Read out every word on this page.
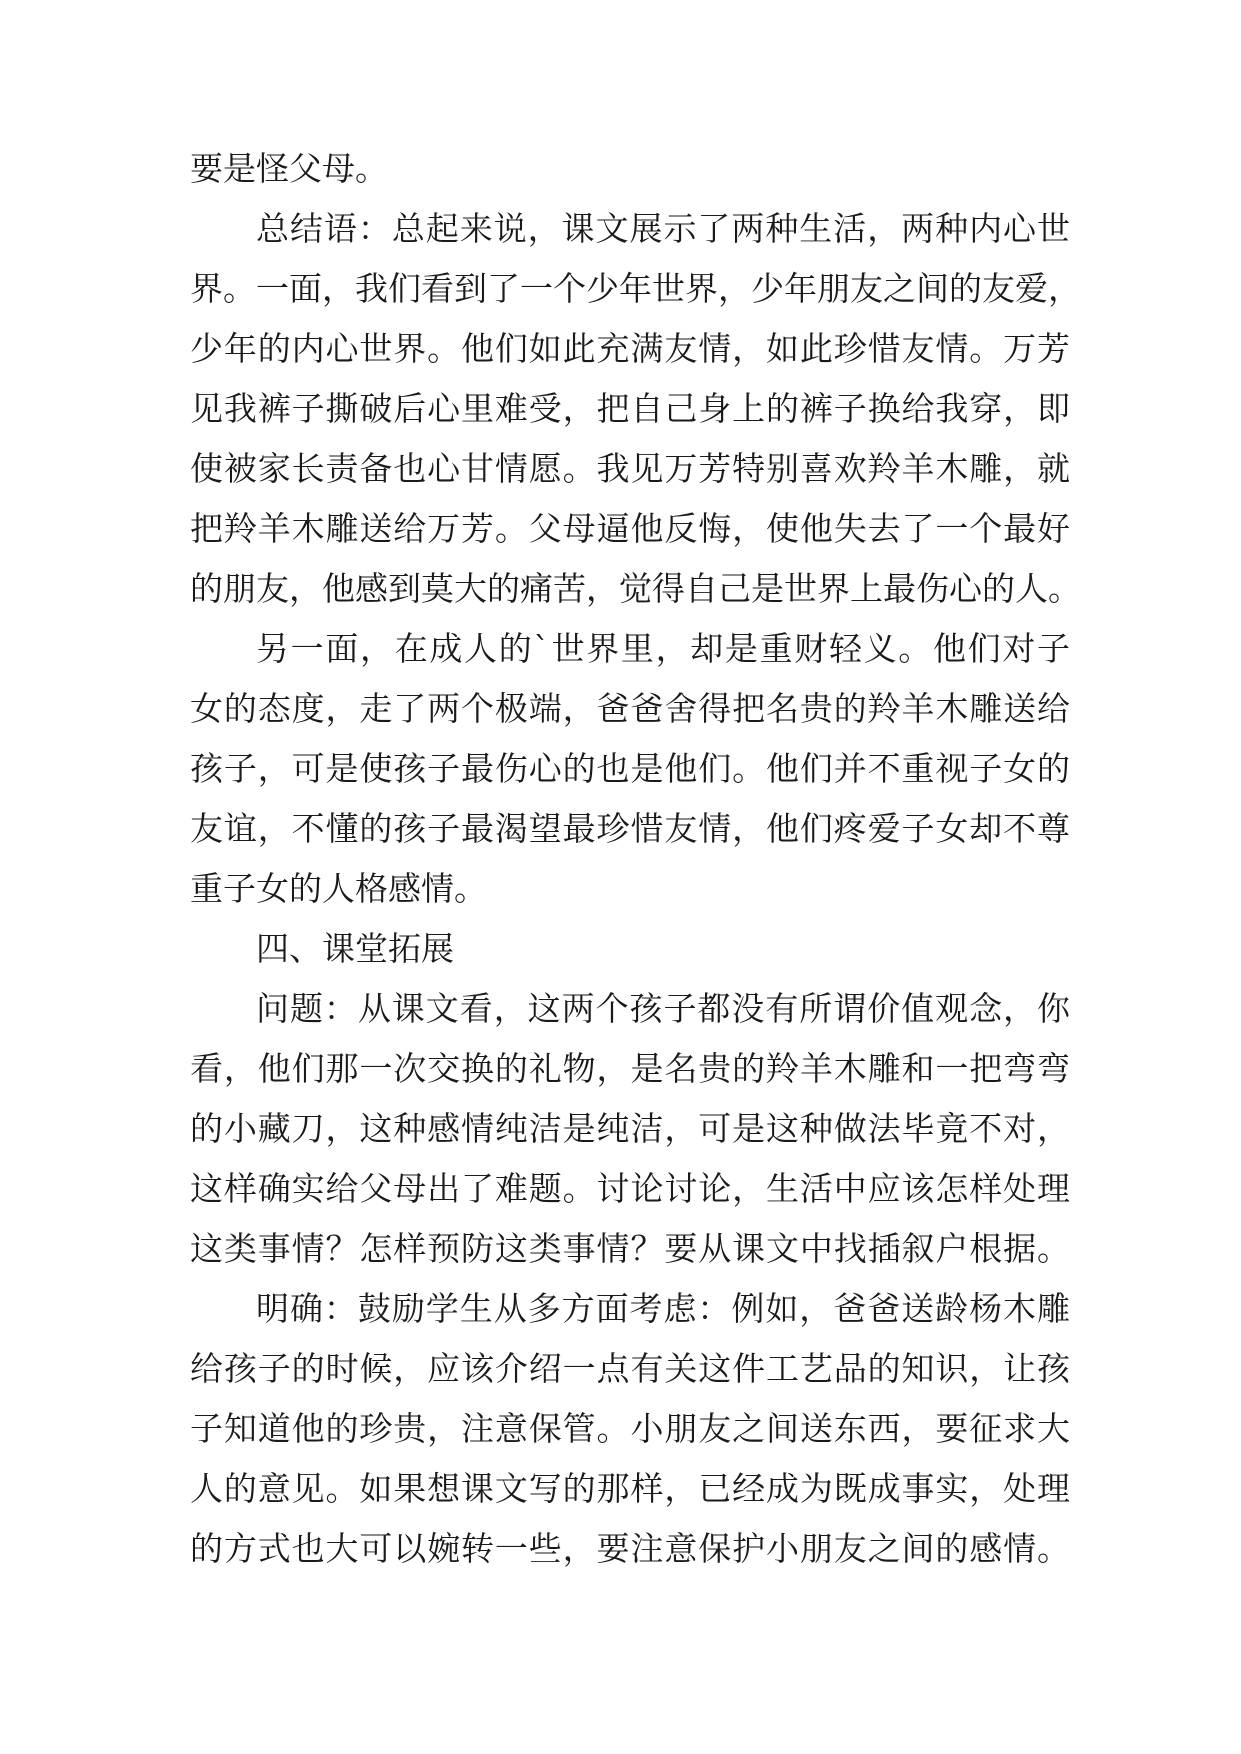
要是怪父母。
总结语：总起来说，课文展示了两种生活，两种内心世
界。一面，我们看到了一个少年世界，少年朋友之间的友爱，
少年的内心世界。他们如此充满友情，如此珍惜友情。万芳
见我裤子撕破后心里难受，把自己身上的裤子换给我穿，即
使被家长责备也心甘情愿。我见万芳特别喜欢羚羊木雕，就
把羚羊木雕送给万芳。父母逼他反悔，使他失去了一个最好
的朋友，他感到莫大的痛苦，觉得自己是世界上最伤心的人。
另一面，在成人的`世界里，却是重财轻义。他们对子
女的态度，走了两个极端，爸爸舍得把名贵的羚羊木雕送给
孩子，可是使孩子最伤心的也是他们。他们并不重视子女的
友谊，不懂的孩子最渴望最珍惜友情，他们疼爱子女却不尊
重子女的人格感情。
四、课堂拓展
问题：从课文看，这两个孩子都没有所谓价值观念，你
看，他们那一次交换的礼物，是名贵的羚羊木雕和一把弯弯
的小藏刀，这种感情纯洁是纯洁，可是这种做法毕竟不对，
这样确实给父母出了难题。讨论讨论，生活中应该怎样处理
这类事情？怎样预防这类事情？要从课文中找插叙户根据。
明确：鼓励学生从多方面考虑：例如，爸爸送龄杨木雕
给孩子的时候，应该介绍一点有关这件工艺品的知识，让孩
子知道他的珍贵，注意保管。小朋友之间送东西，要征求大
人的意见。如果想课文写的那样，已经成为既成事实，处理
的方式也大可以婉转一些，要注意保护小朋友之间的感情。
